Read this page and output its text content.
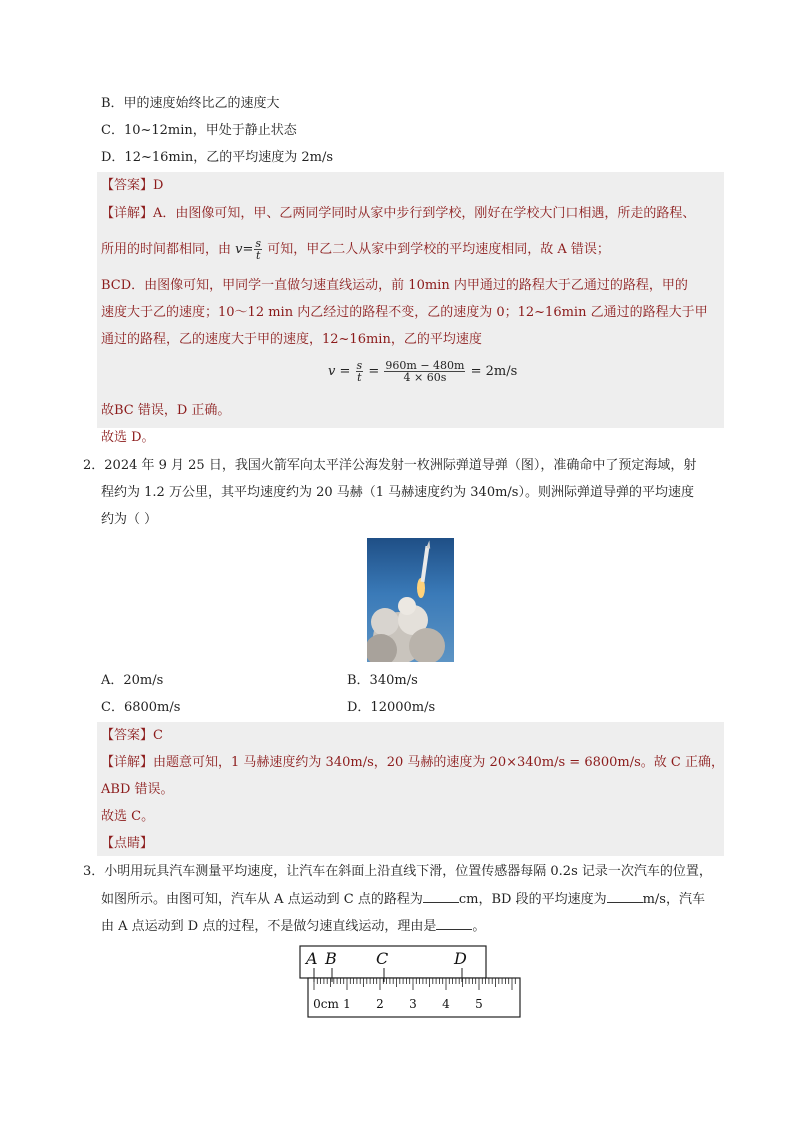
B．甲的速度始终比乙的速度大
C．10~12min，甲处于静止状态
D．12~16min，乙的平均速度为 2m/s
【答案】D
【详解】A．由图像可知，甲、乙两同学同时从家中步行到学校，刚好在学校大门口相遇，所走的路程、
所用的时间都相同，由 $v= \frac{s}{t}$ 可知，甲乙二人从家中到学校的平均速度相同，故 A 错误；
BCD．由图像可知，甲同学一直做匀速直线运动，前 10min 内甲通过的路程大于乙通过的路程，甲的
速度大于乙的速度；10～12 min 内乙经过的路程不变，乙的速度为 0；12~16min 乙通过的路程大于甲
通过的路程，乙的速度大于甲的速度，12~16min，乙的平均速度
$v = \frac{s}{t} = \frac{960m - 480m}{4 \times 60s} = 2m/s$
故BC 错误，D 正确。
故选 D。
2．2024 年 9 月 25 日，我国火箭军向太平洋公海发射一枚洲际弹道导弹（图），准确命中了预定海域，射
程约为 1.2 万公里，其平均速度约为 20 马赫（1 马赫速度约为 340m/s）。则洲际弹道导弹的平均速度
约为（ ）
A．20m/s	B．340m/s
C．6800m/s	D．12000m/s
【答案】C
【详解】由题意可知，1 马赫速度约为 340m/s，20 马赫的速度为 20×340m/s = 6800m/s。故 C 正确，
ABD 错误。
故选 C。
【点睛】
3．小明用玩具汽车测量平均速度，让汽车在斜面上沿直线下滑，位置传感器每隔 0.2s 记录一次汽车的位置，
如图所示。由图可知，汽车从 A 点运动到 C 点的路程为	cm，BD 段的平均速度为	m/s，汽车
由 A 点运动到 D 点的过程，不是做匀速直线运动，理由是	。
A B C	D
0cm 1 2 3 4 5
